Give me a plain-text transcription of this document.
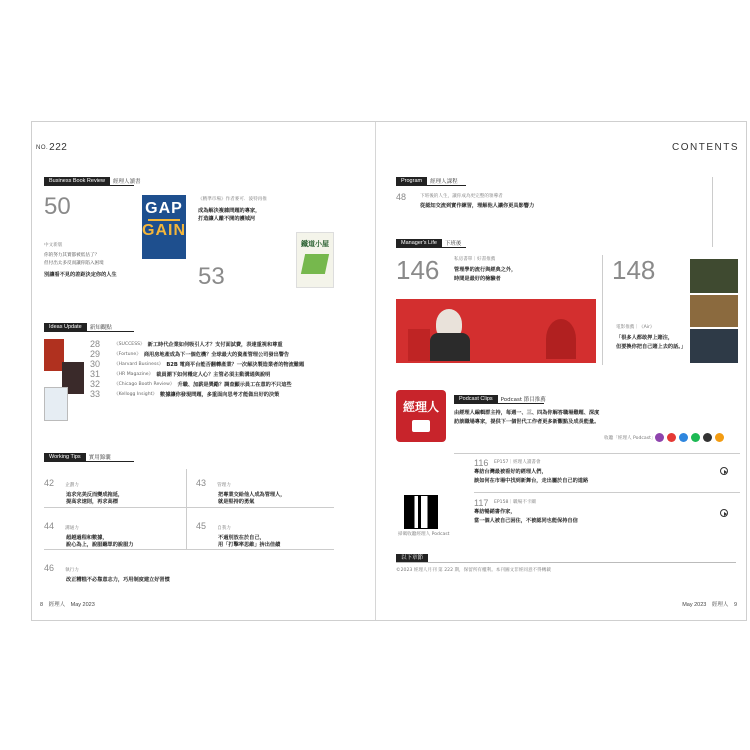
NO.222
Business Book Review	經理人讀書
50	GAP
GAIN
中文新版
你的努力其實都被低估了？
但付出太多反而讓你陷入困境
別讓看不見的差距決定你的人生
《精準市場》作者麥可．波特再推
成為解決複雜問題的專家，
打造讓人離不開的護城河
53
鐵道小屋
Ideas Update	新知觀點
28	《SUCCESS》 新工時代企業如何吸引人才？支付面試費，表達重視和尊重
29	《Fortune》 商用房地產成為下一個危機？全球最大的資產管理公司發出警告
30	《Harvard Business》 B2B 電商平台能否翻轉產業？一次解決製造業者的物流難題
31	《HR Magazine》 裁員潮下如何穩定人心？主管必須主動溝通與說明
32	《Chicago Booth Review》 升職、加薪是獎勵？調查顯示員工在意的不只這些
33	《Kellogg Insight》 數據讓你發現問題，多重面向思考才能做出好的決策
Working Tips	實用錦囊
42 企劃力
追求完美反而變成拖延，
提高求速則，再求高標
43 管理力
把專業交給他人成為管理人，
就是堅持的勇氣
44 溝通力
超越過程和數據，
說心為上，說服聽眾的說服力
45 自我力
不過別放在於自己，
用「打擊率思維」拚出佳績
46 執行力
改正糟糕不必靠意志力，巧用制度建立好習慣
8 經理人 May 2023
CONTENTS
Program	經理人課程
48	下班後的人生，讓你成為更完整的領導者
從認知交流到實作練習，理解他人讓你更具影響力
Manager's Life	下班後
146	私房書單｜好書推薦
管理學的流行與經典之外，
時間是最好的檢驗者	148
電影推薦｜《Air》
「很多人都敢押上賭注，
但要換你把自己賭上去的話。」
經理人
Podcast Clips	Podcast 節目推薦
由經理人編輯群主持，每週一、三、四為你解答職場難題、深度
訪談職場專家，提供下一個世代工作者更多新觀點及成長能量。
收聽「經理人 Podcast」
116 EP157｜經理人讀書會
專訪台灣最被看好的經理人們，
談如何在市場中找到新舞台，走出屬於自己的道路
掃碼收聽經理人 Podcast
117 EP158｜職場不卡關
專訪暢銷書作家，
當一個人被自己困住，不被認同也能保持自信
以下章節
©2023 經理人月刊 第 222 期，保留所有權利。本刊圖文非經同意不得轉載
May 2023 經理人 9
